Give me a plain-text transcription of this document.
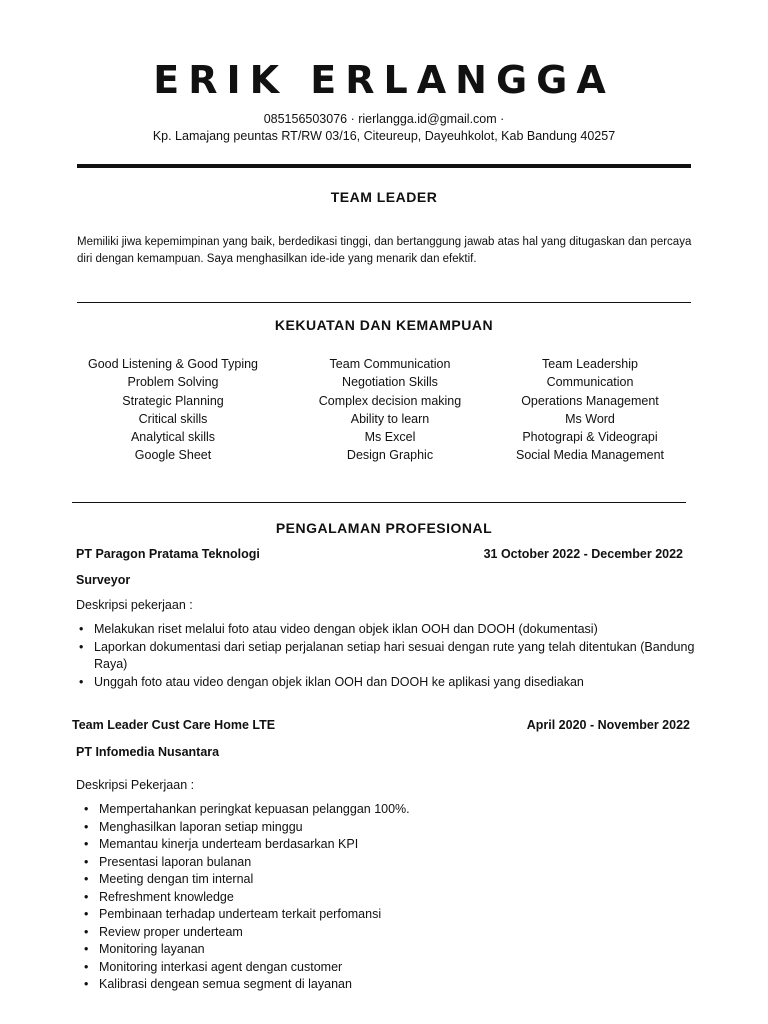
ERIK ERLANGGA
085156503076 · rierlangga.id@gmail.com ·
Kp. Lamajang peuntas RT/RW 03/16, Citeureup, Dayeuhkolot, Kab Bandung 40257
TEAM LEADER
Memiliki jiwa kepemimpinan yang baik, berdedikasi tinggi, dan bertanggung jawab atas hal yang ditugaskan dan percaya diri dengan kemampuan. Saya menghasilkan ide-ide yang menarik dan efektif.
KEKUATAN DAN KEMAMPUAN
Good Listening & Good Typing
Problem Solving
Strategic Planning
Critical skills
Analytical skills
Google Sheet
Team Communication
Negotiation Skills
Complex decision making
Ability to learn
Ms Excel
Design Graphic
Team Leadership
Communication
Operations Management
Ms Word
Photograpi & Videograpi
Social Media Management
PENGALAMAN PROFESIONAL
PT Paragon Pratama Teknologi	31 October 2022 - December 2022
Surveyor
Deskripsi pekerjaan :
• Melakukan riset melalui foto atau video dengan objek iklan OOH dan DOOH (dokumentasi)
• Laporkan dokumentasi dari setiap perjalanan setiap hari sesuai dengan rute yang telah ditentukan (Bandung Raya)
• Unggah foto atau video dengan objek iklan OOH dan DOOH ke aplikasi yang disediakan
Team Leader Cust Care Home LTE	April 2020 - November 2022
PT Infomedia Nusantara
Deskripsi Pekerjaan :
• Mempertahankan peringkat kepuasan pelanggan 100%.
• Menghasilkan laporan setiap minggu
• Memantau kinerja underteam berdasarkan KPI
• Presentasi laporan bulanan
• Meeting dengan tim internal
• Refreshment knowledge
• Pembinaan terhadap underteam terkait perfomansi
• Review proper underteam
• Monitoring layanan
• Monitoring interkasi agent dengan customer
• Kalibrasi dengean semua segment di layanan
